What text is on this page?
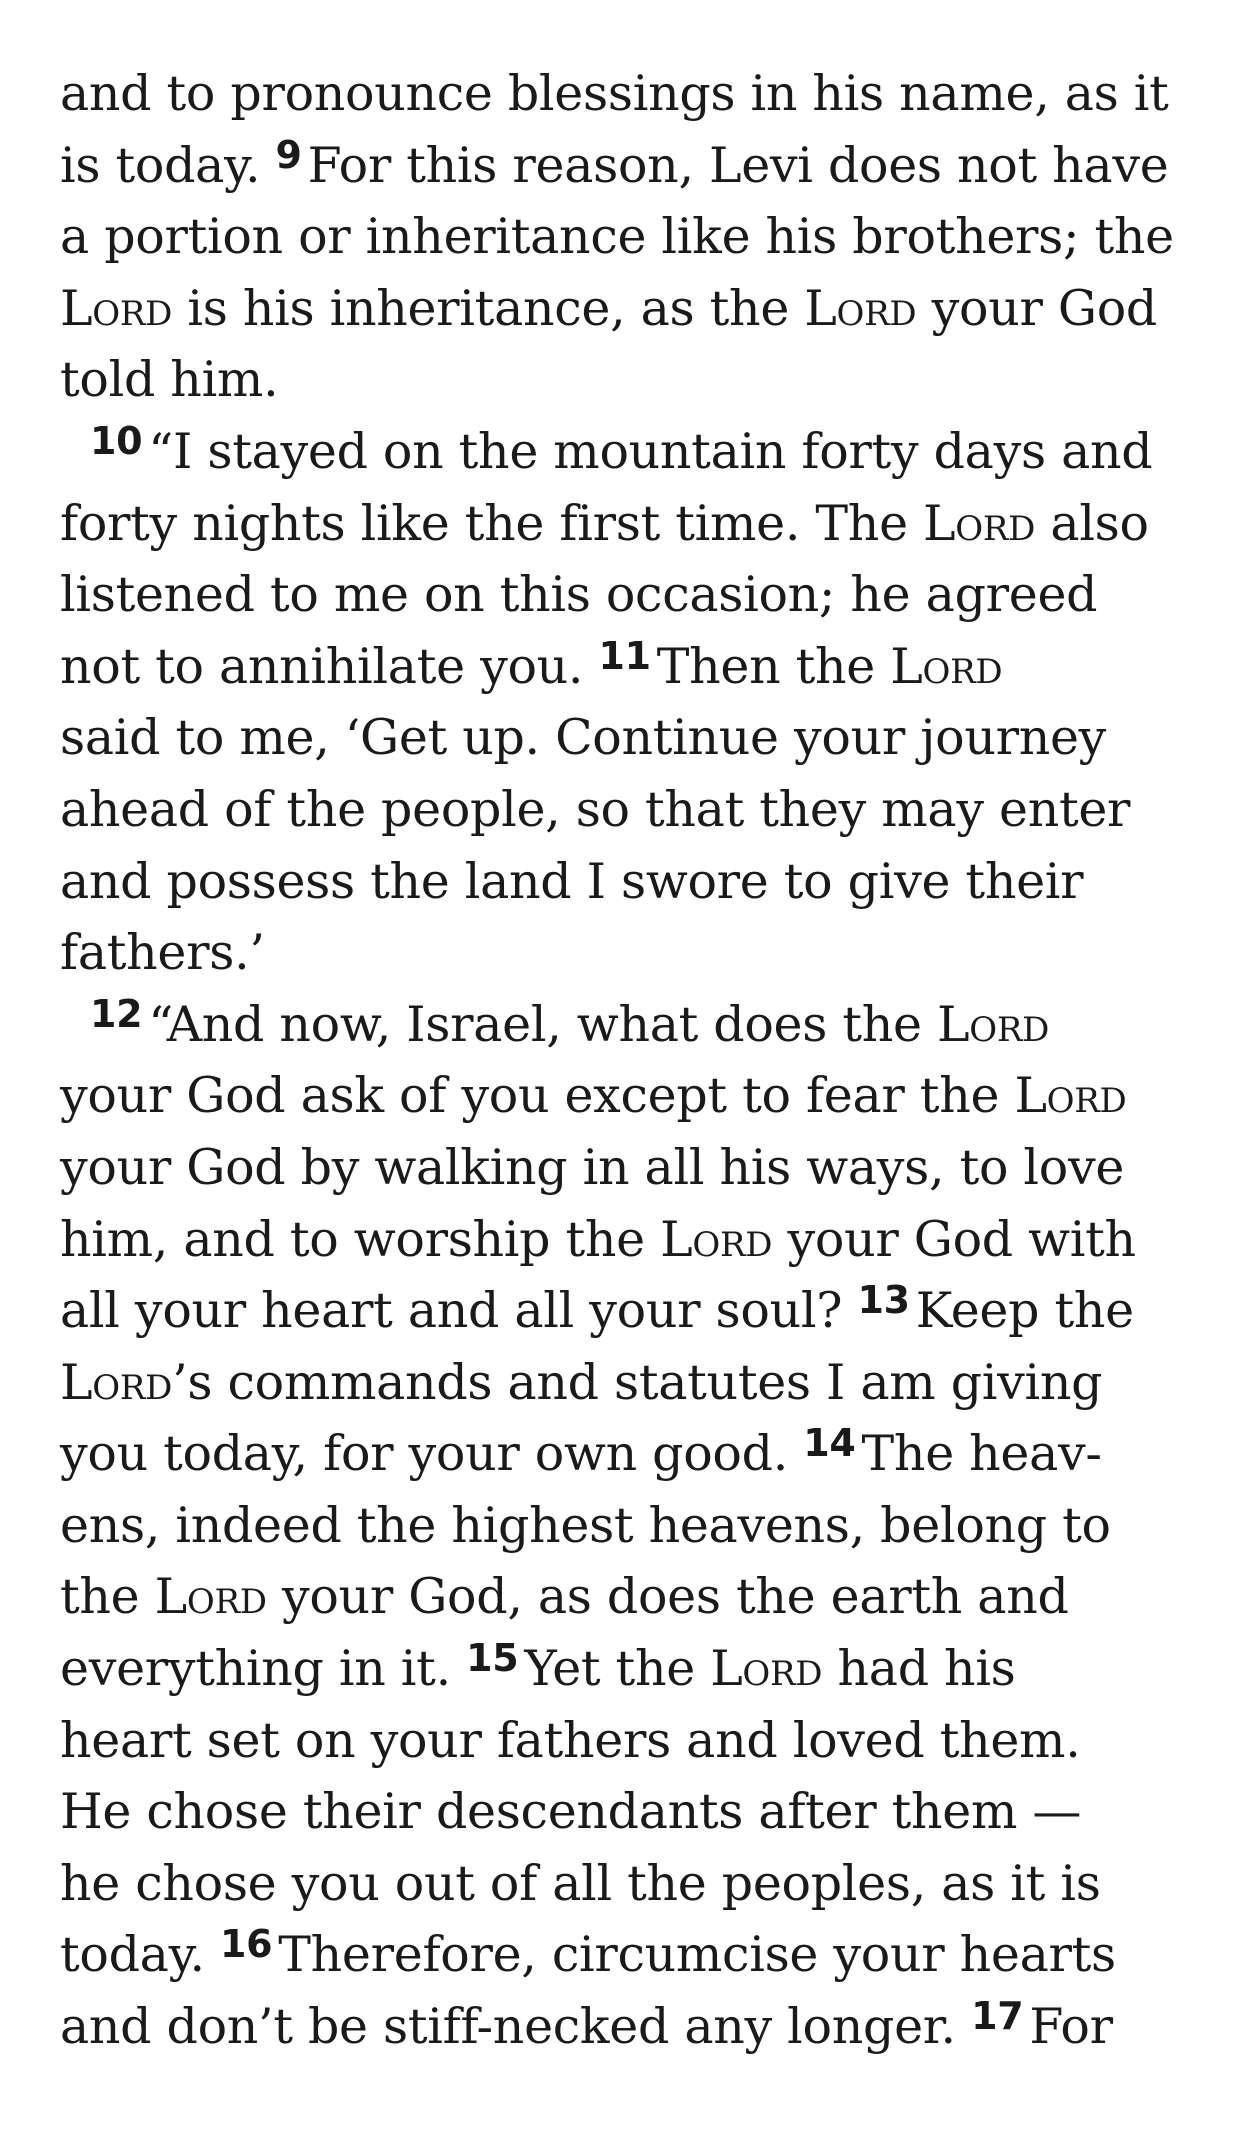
and to pronounce blessings in his name, as it
is today. $^9$ For this reason, Levi does not have
a portion or inheritance like his brothers; the
Lord is his inheritance, as the Lord your God
told him.
$^{10}$ “I stayed on the mountain forty days and
forty nights like the first time. The Lord also
listened to me on this occasion; he agreed
not to annihilate you. $^{11}$ Then the Lord
said to me, ‘Get up. Continue your journey
ahead of the people, so that they may enter
and possess the land I swore to give their
fathers.’
$^{12}$ “And now, Israel, what does the Lord
your God ask of you except to fear the Lord
your God by walking in all his ways, to love
him, and to worship the Lord your God with
all your heart and all your soul? $^{13}$ Keep the
Lord’s commands and statutes I am giving
you today, for your own good. $^{14}$ The heav-
ens, indeed the highest heavens, belong to
the Lord your God, as does the earth and
everything in it. $^{15}$ Yet the Lord had his
heart set on your fathers and loved them.
He chose their descendants after them —
he chose you out of all the peoples, as it is
today. $^{16}$ Therefore, circumcise your hearts
and don’t be stiff-necked any longer. $^{17}$ For
